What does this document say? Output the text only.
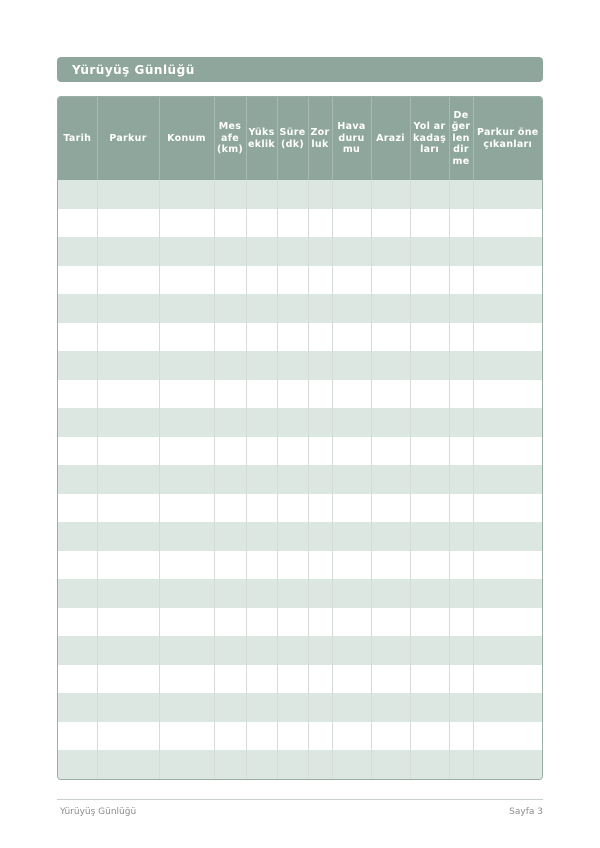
Yürüyüş Günlüğü
Tarih	Parkur	Konum	Mesafe (km)	Yükseklik	Süre (dk)	Zorluk	Hava durumu	Arazi	Yol arkadaşları	Değerlendirme	Parkur öne çıkanları

Yürüyüş Günlüğü	Sayfa 3
